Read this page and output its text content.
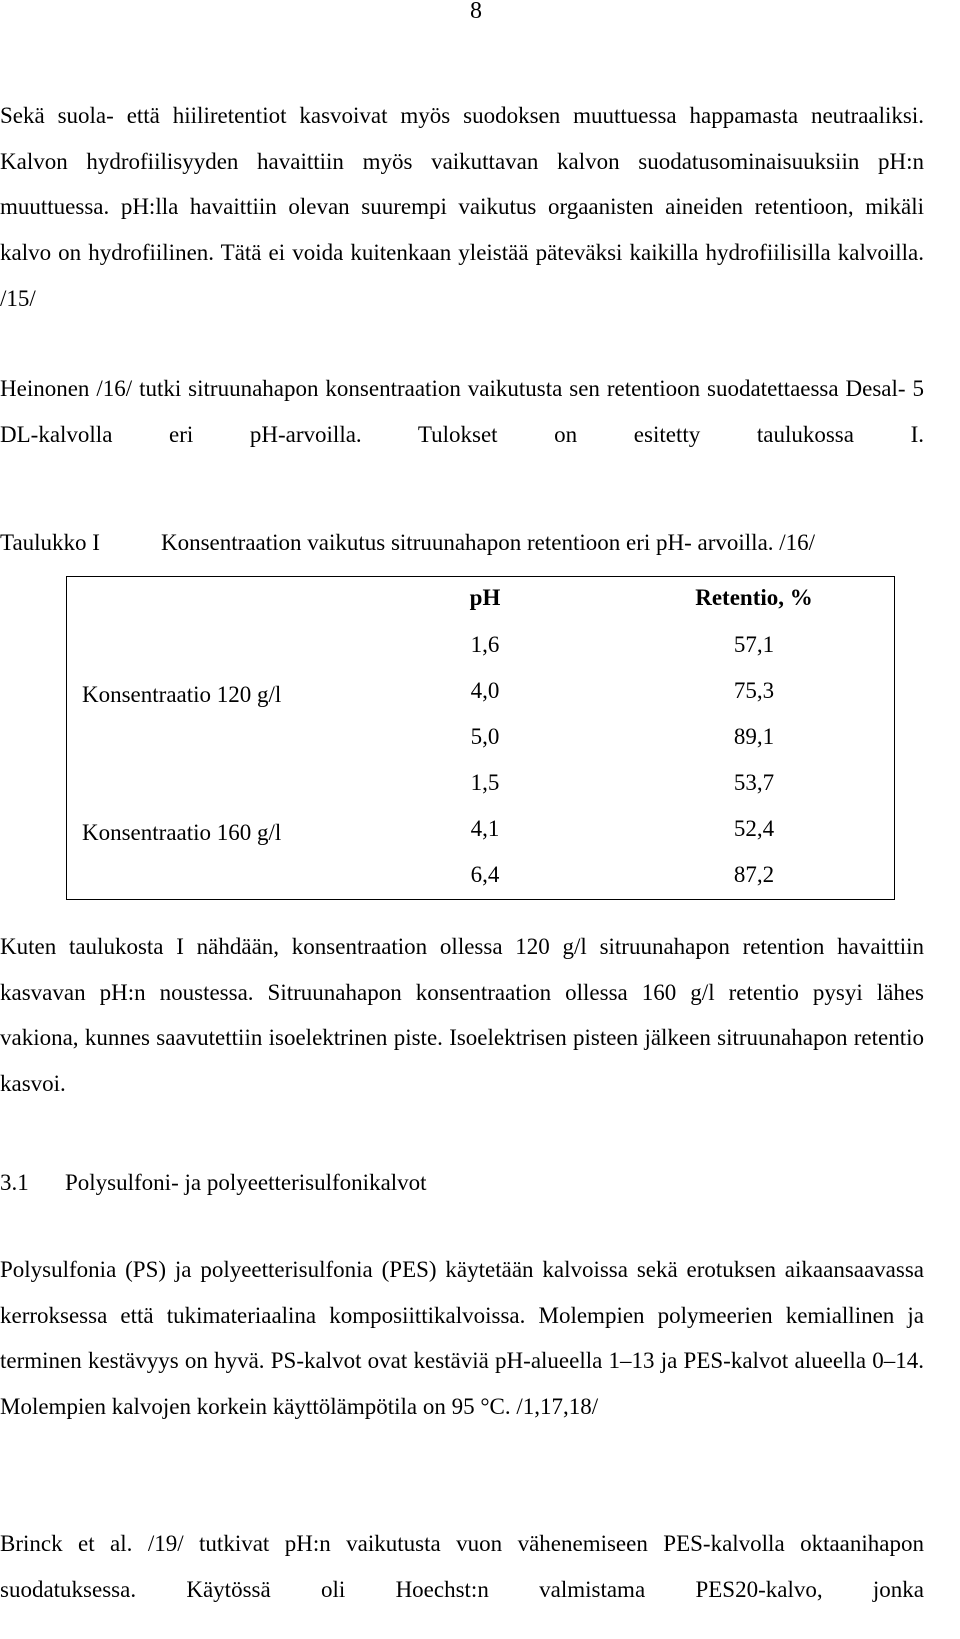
8

Sekä suola- että hiiliretentiot kasvoivat myös suodoksen muuttuessa happamasta neutraaliksi. Kalvon hydrofiilisyyden havaittiin myös vaikuttavan kalvon suodatusominaisuuksiin pH:n muuttuessa. pH:lla havaittiin olevan suurempi vaikutus orgaanisten aineiden retentioon, mikäli kalvo on hydrofiilinen. Tätä ei voida kuitenkaan yleistää päteväksi kaikilla hydrofiilisilla kalvoilla. /15/

Heinonen /16/ tutki sitruunahapon konsentraation vaikutusta sen retentioon suodatettaessa Desal- 5 DL-kalvolla eri pH-arvoilla. Tulokset on esitetty taulukossa I.

Taulukko I	Konsentraation vaikutus sitruunahapon retentioon eri pH- arvoilla. /16/
	pH	Retentio, %
Konsentraatio 120 g/l	1,6	57,1
	4,0	75,3
	5,0	89,1
Konsentraatio 160 g/l	1,5	53,7
	4,1	52,4
	6,4	87,2

Kuten taulukosta I nähdään, konsentraation ollessa 120 g/l sitruunahapon retention havaittiin kasvavan pH:n noustessa. Sitruunahapon konsentraation ollessa 160 g/l retentio pysyi lähes vakiona, kunnes saavutettiin isoelektrinen piste. Isoelektrisen pisteen jälkeen sitruunahapon retentio kasvoi.

3.1 Polysulfoni- ja polyeetterisulfonikalvot

Polysulfonia (PS) ja polyeetterisulfonia (PES) käytetään kalvoissa sekä erotuksen aikaansaavassa kerroksessa että tukimateriaalina komposiittikalvoissa. Molempien polymeerien kemiallinen ja terminen kestävyys on hyvä. PS-kalvot ovat kestäviä pH-alueella 1–13 ja PES-kalvot alueella 0–14. Molempien kalvojen korkein käyttölämpötila on 95 °C. /1,17,18/

Brinck et al. /19/ tutkivat pH:n vaikutusta vuon vähenemiseen PES-kalvolla oktaanihapon suodatuksessa. Käytössä oli Hoechst:n valmistama PES20-kalvo, jonka
